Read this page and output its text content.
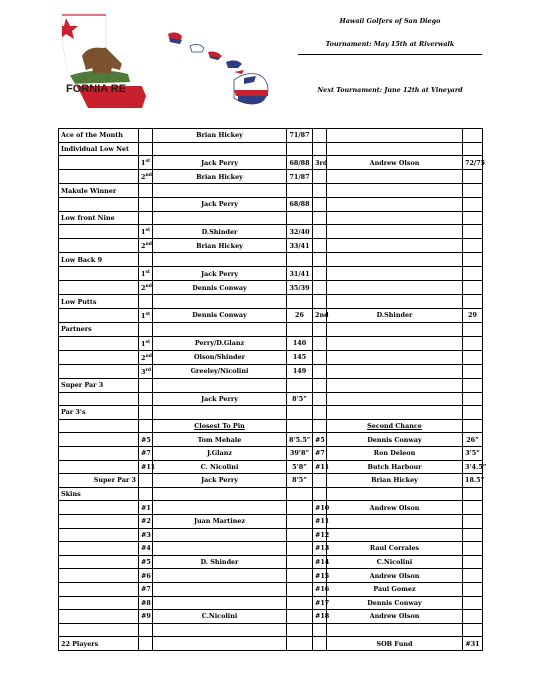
FORNIA RE
Hawaii Golfers of San Diego
Tournament: May 15th at Riverwalk
Next Tournament: June 12th at Vineyard
Ace of the Month		Brian Hickey	71/87			
Individual Low Net						
	1st	Jack Perry	68/88	3rd	Andrew Olson	72/75
	2nd	Brian Hickey	71/87			
Makule Winner						
		Jack Perry	68/88			
Low front Nine						
	1st	D.Shinder	32/40			
	2nd	Brian Hickey	33/41			
Low Back 9						
	1st	Jack Perry	31/41			
	2nd	Dennis Conway	35/39			
Low Putts						
	1st	Dennis Conway	26	2nd	D.Shinder	29
Partners						
	1st	Perry/D.Glanz	140			
	2nd	Olson/Shinder	145			
	3rd	Greeley/Nicolini	149			
Super Par 3						
		Jack Perry	8’5”			
Par 3’s						
		Closest To Pin			Second Chance	
	#5	Tom Mehale	8’5.5”	#5	Dennis Conway	26”
	#7	J.Glanz	39’8”	#7	Ron Deleon	3’5”
	#11	C. Nicolini	5’8”	#11	Butch Harbour	3’4.5”
Super Par 3		Jack Perry	8’5”		Brian Hickey	18.5”
Skins						
	#1			#10	Andrew Olson	
	#2	Juan Martinez		#11		
	#3			#12		
	#4			#13	Raul Corrales	
	#5	D. Shinder		#14	C.Nicolini	
	#6			#15	Andrew Olson	
	#7			#16	Paul Gomez	
	#8			#17	Dennis Conway	
	#9	C.Nicolini		#18	Andrew Olson	

22 Players					SOB Fund	#31
